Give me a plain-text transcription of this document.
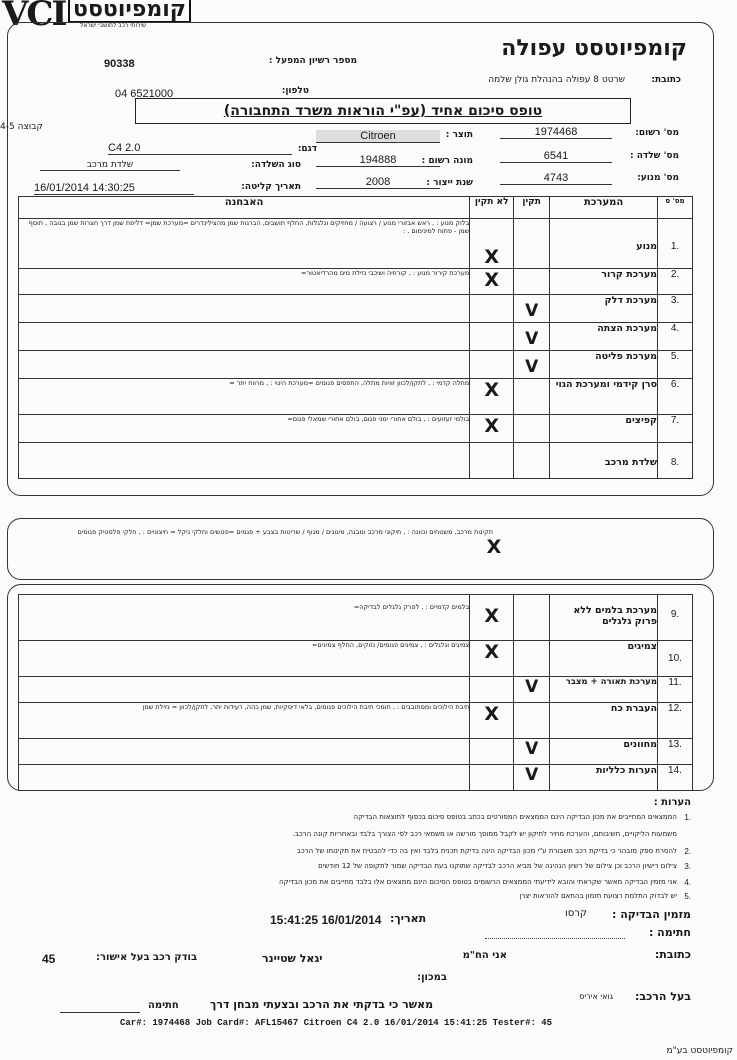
VCI קומפיוטסט
שירותי רכב לתושבי ישראל
קומפיוטסט עפולה
מספר רשיון המפעל :
90338
כתובת:
שרטט 8 עפולה בהנהלת גולן שלמה
טלפון:
04 6521000
טופס סיכום אחיד (עפ"י הוראות משרד התחבורה)
קבוצה 4-5
מס' רשום:
1974468
תוצר :
Citroen
דגם:
C4 2.0
מס' שלדה :
6541
מונה רשום :
194888
סוג השלדה:
שלדת מרכב
מס' מנוע:
4743
שנת ייצור :
2008
תאריך קליטה:
16/01/2014 14:30:25
האבחנה	לא תקין	תקין	המערכת	מס' ס
בלוק מנוע : , ראש אבזורי מנוע / רצועה / מחזיקים וגלגלות, החלף תושבים, הברגות שמן מהצילינדרים =מערכת שמן= דליפת שמן דרך חצרות שמן בגובה , תוסף שמן - פתוח למינימום , :	X		מנוע	1.
מערכת קירור מנוע : , קורוזיה ושיכבי נזילת מים מהרדיאטור=	X		מערכת קרור	2.
		V	מערכת דלק	3.
		V	מערכת הצתה	4.
		V	מערכת פליטה	5.
מתלה קדמי : , לתקן/לכוון זוויות מתלה, התפסים פגומים =מערכת היגוי : , מרווח יתר =	X		סרן קידמי ומערכת הגוי	6.
בולמי זעזועים : , בולם אחורי ימני פגום, בולם אחורי שמאלי פגום=	X		קפיצים	7.
			שלדת מרכב	8.
תקינות מרכב, משטחים וכוונה : , תיקוני מרכב ומבנה, מיגונים / מגוף / שריטות בצבע + פגמים =פנושים וחלקי ניקל = חיצוניים : , חלקי פלסטיק פגומים
X
בלמים קדמיים : , לפרק גלגלים לבדיקה=	X		מערכת בלמים ללא פרוק גלגלים	9.
צמיגים וגלגלים : , צמיגים פגומים/ נזוקים, החלף צמיגים=	X		צמיגים	10.
		V	מערכת תאורה + מצבר	11.
תיבת הילוכים ומסתובבים : , תומכי תיבת הילוכים פגומים, בלאי דיסקיות, שמן כהה, רעידות יתר, לתקן/לכוון = נזילת שמן	X		העברת כח	12.
		V	מחוונים	13.
		V	הערות כלליות	14.
הערות :
1.
הממצאים המחייבים את מכון הבדיקה הינם הממצאים המפורטים בכתב בטופס סיכום בכפוף לתוצאות הבדיקה
משמעות הליקויים, חשיבותם, והערכת מחיר לתיקון יש לקבל ממוסך מורשה או משמאי רכב לפי הצורך בלבד ובאחריות קונה הרכב.
2.
להסרת ספק מובהר כי בדיקת רכב תשבורת ע"י מכון הבדיקה הינה בדיקת תכנית בלבד ואין בה כדי להבטיח את תקינותו של הרכב
3.
צילום רישיון הרכב וכן צילום של רשיון הנהיגה של מביא הרכב לבדיקה שתוקנו בעת הבדיקה שמור לתקופה של 12 חודשים
4.
אני מזמין הבדיקה מאשר שקראתי והובא לידיעתי הממצאים הרשומים בטופס הסיכום הינם ממצאים אלו בלבד מחייבים את מכון הבדיקה
5.
יש לבדוק התלמת רצועת תזמון בהתאם להוראות יצרן
מזמין הבדיקה :
קרסו
תאריך:
15:41:25 16/01/2014
חתימה :
כתובת:
אני הח"מ
יגאל שטיינר
בודק רכב בעל אישור:
45
במכון:
בעל הרכב:
גואי איריס
מאשר כי בדקתי את הרכב ובצעתי מבחן דרך
חתימה
Car#: 1974468 Job Card#: AFL15467 Citroen C4 2.0 16/01/2014 15:41:25 Tester#: 45
קומפיוטסט בע"מ
